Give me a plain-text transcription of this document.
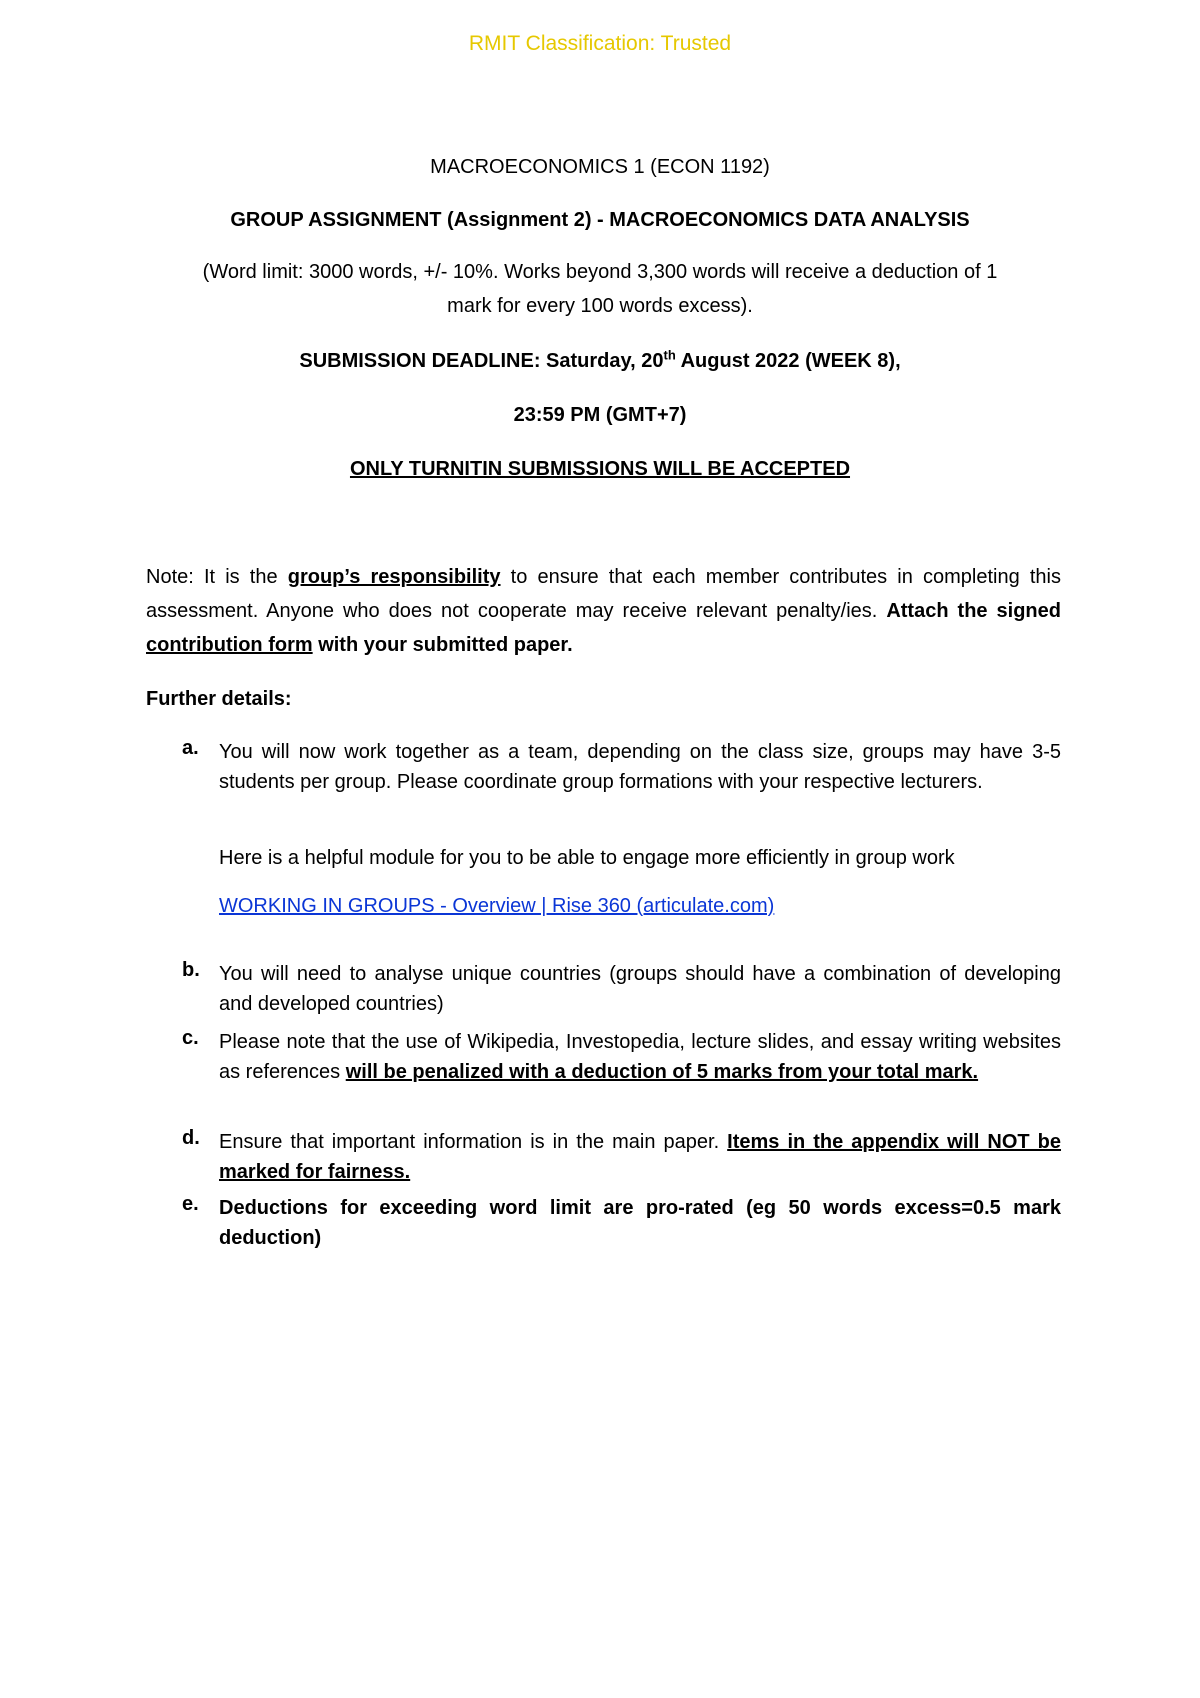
RMIT Classification: Trusted
MACROECONOMICS 1 (ECON 1192)
GROUP ASSIGNMENT (Assignment 2) - MACROECONOMICS DATA ANALYSIS
(Word limit: 3000 words, +/- 10%. Works beyond 3,300 words will receive a deduction of 1
mark for every 100 words excess).
SUBMISSION DEADLINE: Saturday, 20th August 2022 (WEEK 8),
23:59 PM (GMT+7)
ONLY TURNITIN SUBMISSIONS WILL BE ACCEPTED
Note: It is the group’s responsibility to ensure that each member contributes in completing this assessment. Anyone who does not cooperate may receive relevant penalty/ies. Attach the signed contribution form with your submitted paper.
Further details:
a. You will now work together as a team, depending on the class size, groups may have 3-5 students per group. Please coordinate group formations with your respective lecturers.
Here is a helpful module for you to be able to engage more efficiently in group work
WORKING IN GROUPS - Overview | Rise 360 (articulate.com)
b. You will need to analyse unique countries (groups should have a combination of developing and developed countries)
c. Please note that the use of Wikipedia, Investopedia, lecture slides, and essay writing websites as references will be penalized with a deduction of 5 marks from your total mark.
d. Ensure that important information is in the main paper. Items in the appendix will NOT be marked for fairness.
e. Deductions for exceeding word limit are pro-rated (eg 50 words excess=0.5 mark deduction)
